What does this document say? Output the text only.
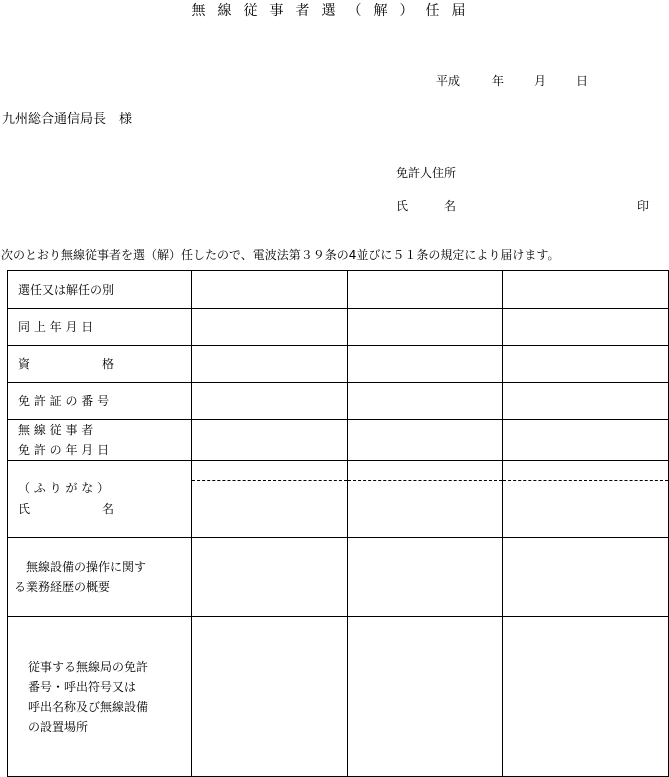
無線従事者選（解）任届
平成	年 月 日
九州総合通信局長　様
免許人住所
氏　　　名	印
次のとおり無線従事者を選（解）任したので、電波法第３９条の4並びに５１条の規定により届けます。
選任又は解任の別			

同 上 年 月 日			

資　　　　　　格			

免 許 証 の 番 号			

無 線 従 事 者
免 許 の 年 月 日			

（ ふ り が な ）
氏　　　　　　名			

　無線設備の操作に関す
る業務経歴の概要			

従事する無線局の免許
番号・呼出符号又は
呼出名称及び無線設備
の設置場所			
